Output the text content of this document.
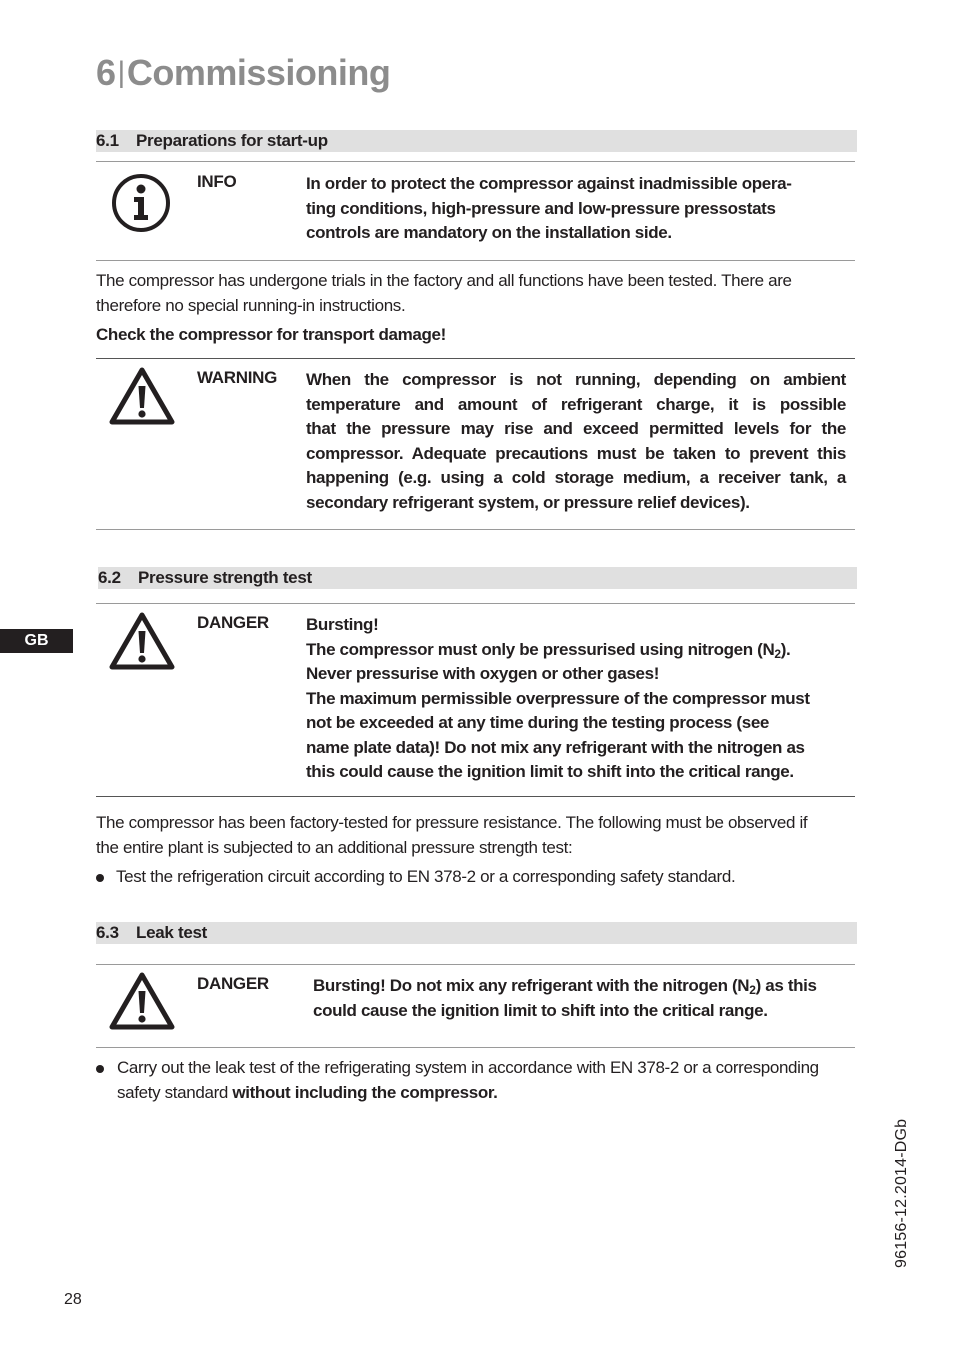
6|Commissioning
6.1 Preparations for start-up
INFO	In order to protect the compressor against inadmissible opera-
ting conditions, high-pressure and low-pressure pressostats
controls are mandatory on the installation side.
The compressor has undergone trials in the factory and all functions have been tested. There are
therefore no special running-in instructions.
Check the compressor for transport damage!
WARNING When the compressor is not running, depending on ambient
temperature and amount of refrigerant charge, it is possible
that the pressure may rise and exceed permitted levels for the
compressor. Adequate precautions must be taken to prevent this
happening (e.g. using a cold storage medium, a receiver tank, a
secondary refrigerant system, or pressure relief devices).
6.2 Pressure strength test
GB
DANGER Bursting!
The compressor must only be pressurised using nitrogen $(N_2)$.
Never pressurise with oxygen or other gases!
The maximum permissible overpressure of the compressor must
not be exceeded at any time during the testing process (see
name plate data)! Do not mix any refrigerant with the nitrogen as
this could cause the ignition limit to shift into the critical range.
The compressor has been factory-tested for pressure resistance. The following must be observed if
the entire plant is subjected to an additional pressure strength test:
Test the refrigeration circuit according to EN 378-2 or a corresponding safety standard.
6.3 Leak test
DANGER	Bursting! Do not mix any refrigerant with the nitrogen $(N_2)$ as this
could cause the ignition limit to shift into the critical range.
Carry out the leak test of the refrigerating system in accordance with EN 378-2 or a corresponding
safety standard without including the compressor.
96156-12.2014-DGb
28
